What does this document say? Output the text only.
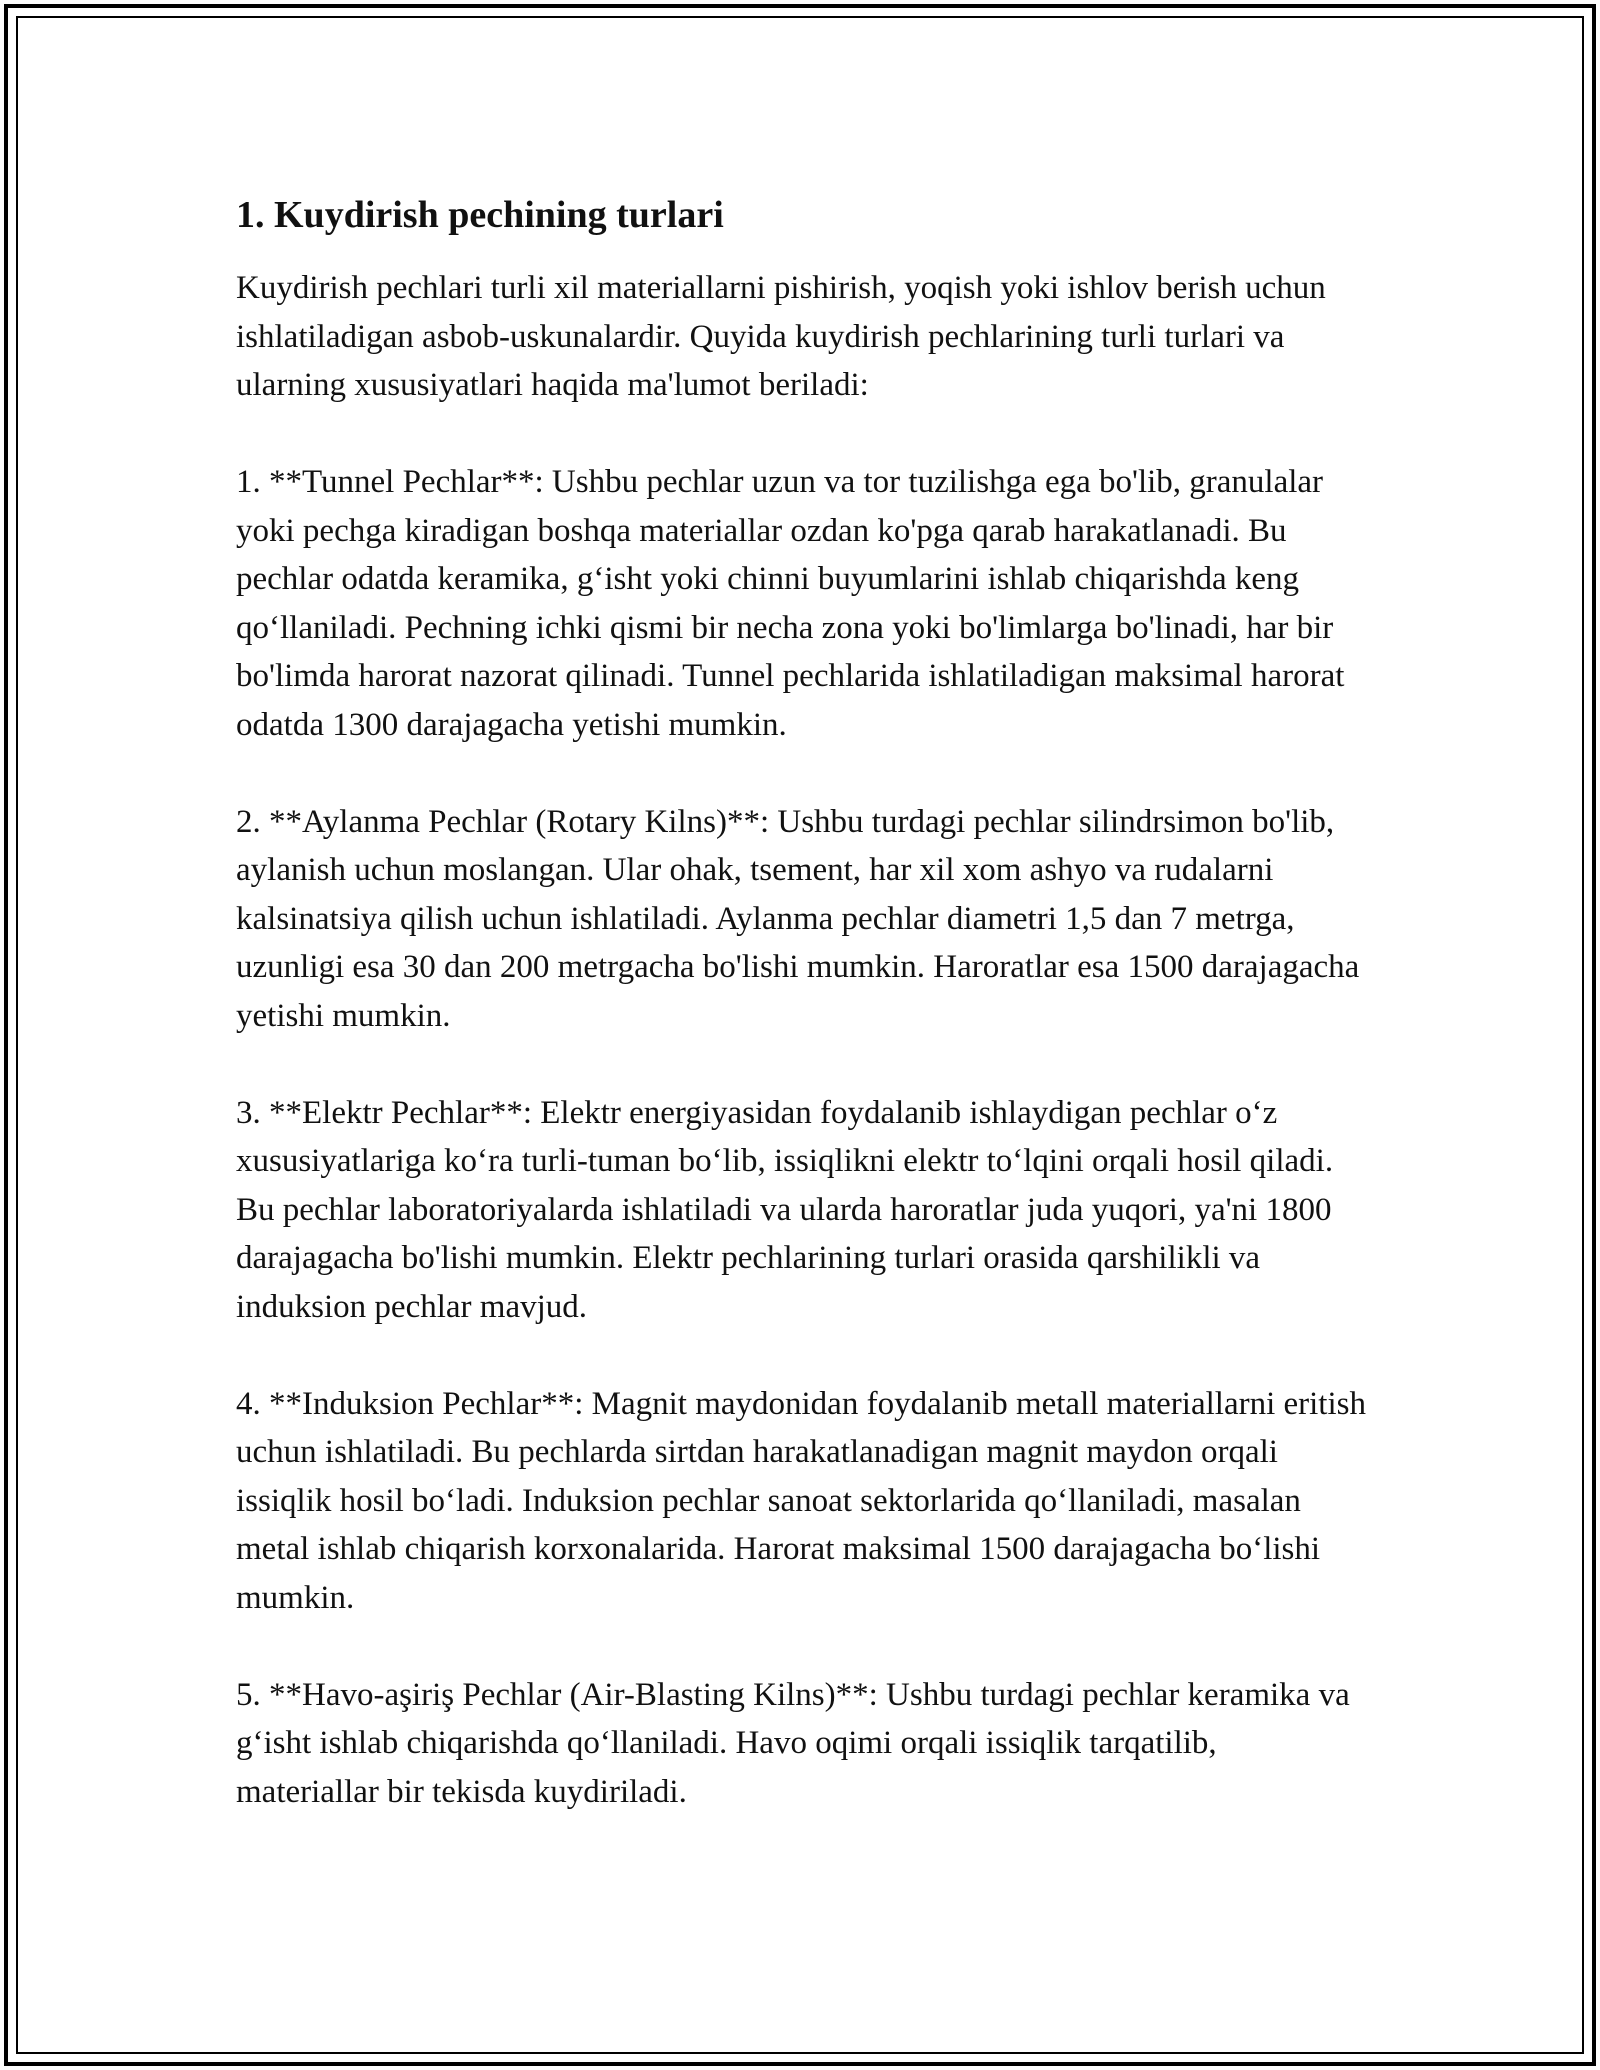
1. Kuydirish pechining turlari

Kuydirish pechlari turli xil materiallarni pishirish, yoqish yoki ishlov berish uchun ishlatiladigan asbob-uskunalardir. Quyida kuydirish pechlarining turli turlari va ularning xususiyatlari haqida ma'lumot beriladi:

1. **Tunnel Pechlar**: Ushbu pechlar uzun va tor tuzilishga ega bo'lib, granulalar yoki pechga kiradigan boshqa materiallar ozdan ko'pga qarab harakatlanadi. Bu pechlar odatda keramika, g‘isht yoki chinni buyumlarini ishlab chiqarishda keng qo‘llaniladi. Pechning ichki qismi bir necha zona yoki bo'limlarga bo'linadi, har bir bo'limda harorat nazorat qilinadi. Tunnel pechlarida ishlatiladigan maksimal harorat odatda 1300 darajagacha yetishi mumkin.

2. **Aylanma Pechlar (Rotary Kilns)**: Ushbu turdagi pechlar silindrsimon bo'lib, aylanish uchun moslangan. Ular ohak, tsement, har xil xom ashyo va rudalarni kalsinatsiya qilish uchun ishlatiladi. Aylanma pechlar diametri 1,5 dan 7 metrga, uzunligi esa 30 dan 200 metrgacha bo'lishi mumkin. Haroratlar esa 1500 darajagacha yetishi mumkin.

3. **Elektr Pechlar**: Elektr energiyasidan foydalanib ishlaydigan pechlar o‘z xususiyatlariga ko‘ra turli-tuman bo‘lib, issiqlikni elektr to‘lqini orqali hosil qiladi. Bu pechlar laboratoriyalarda ishlatiladi va ularda haroratlar juda yuqori, ya'ni 1800 darajagacha bo'lishi mumkin. Elektr pechlarining turlari orasida qarshilikli va induksion pechlar mavjud.

4. **Induksion Pechlar**: Magnit maydonidan foydalanib metall materiallarni eritish uchun ishlatiladi. Bu pechlarda sirtdan harakatlanadigan magnit maydon orqali issiqlik hosil bo‘ladi. Induksion pechlar sanoat sektorlarida qo‘llaniladi, masalan metal ishlab chiqarish korxonalarida. Harorat maksimal 1500 darajagacha bo‘lishi mumkin.

5. **Havo-aşiriş Pechlar (Air-Blasting Kilns)**: Ushbu turdagi pechlar keramika va g‘isht ishlab chiqarishda qo‘llaniladi. Havo oqimi orqali issiqlik tarqatilib, materiallar bir tekisda kuydiriladi.
